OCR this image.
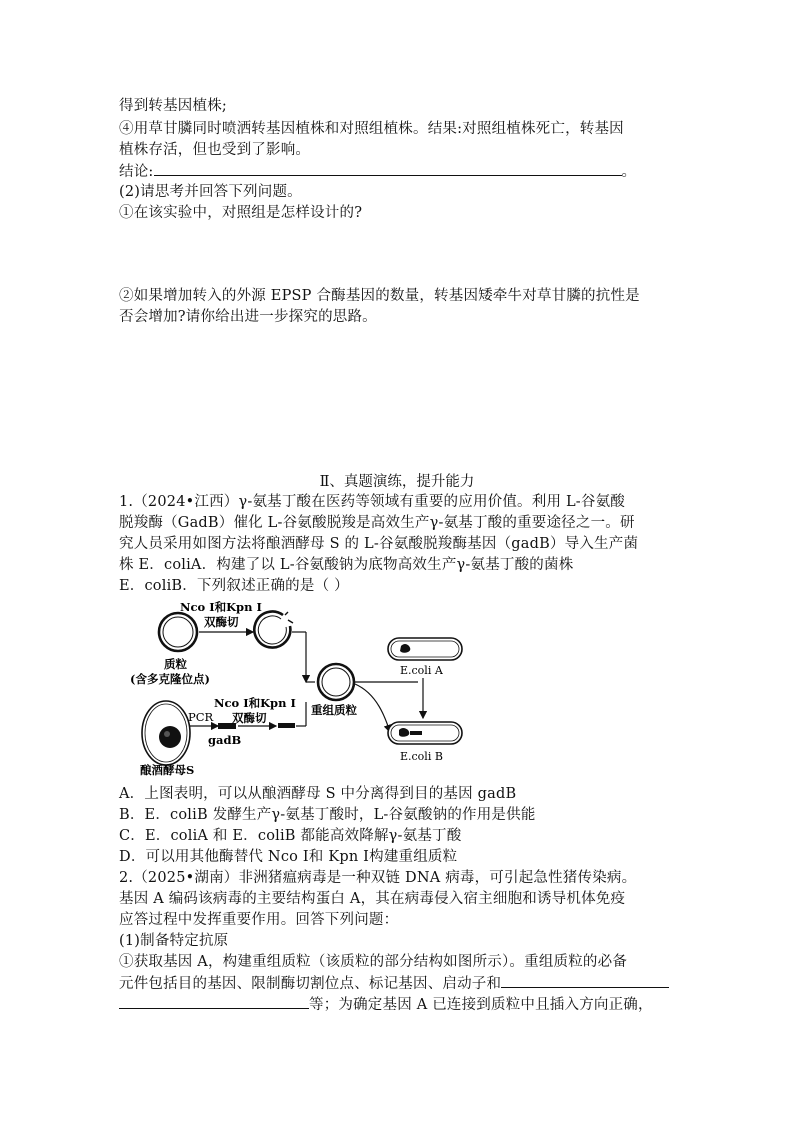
得到转基因植株;
④用草甘膦同时喷洒转基因植株和对照组植株。结果:对照组植株死亡，转基因
植株存活，但也受到了影响。
结论:	。
(2)请思考并回答下列问题。
①在该实验中，对照组是怎样设计的?
②如果增加转入的外源 EPSP 合酶基因的数量，转基因矮牵牛对草甘膦的抗性是
否会增加?请你给出进一步探究的思路。
Ⅱ、真题演练，提升能力
1.（2024•江西）γ-氨基丁酸在医药等领域有重要的应用价值。利用 L-谷氨酸
脱羧酶（GadB）催化 L-谷氨酸脱羧是高效生产γ-氨基丁酸的重要途径之一。研
究人员采用如图方法将酿酒酵母 S 的 L-谷氨酸脱羧酶基因（gadB）导入生产菌
株 E．coliA．构建了以 L-谷氨酸钠为底物高效生产γ-氨基丁酸的菌株
E．coliB．下列叙述正确的是（ ）
Nco Ⅰ和Kpn Ⅰ
双酶切
质粒
(含多克隆位点)
酿酒酵母S
PCR
gadB
Nco Ⅰ和Kpn Ⅰ
双酶切
重组质粒
E.coli A
E.coli B
A．上图表明，可以从酿酒酵母 S 中分离得到目的基因 gadB
B．E．coliB 发酵生产γ-氨基丁酸时，L-谷氨酸钠的作用是供能
C．E．coliA 和 E．coliB 都能高效降解γ-氨基丁酸
D．可以用其他酶替代 Nco Ⅰ和 Kpn Ⅰ构建重组质粒
2.（2025•湖南）非洲猪瘟病毒是一种双链 DNA 病毒，可引起急性猪传染病。
基因 A 编码该病毒的主要结构蛋白 A，其在病毒侵入宿主细胞和诱导机体免疫
应答过程中发挥重要作用。回答下列问题：
(1)制备特定抗原
①获取基因 A，构建重组质粒（该质粒的部分结构如图所示）。重组质粒的必备
元件包括目的基因、限制酶切割位点、标记基因、启动子和
等；为确定基因 A 已连接到质粒中且插入方向正确，
